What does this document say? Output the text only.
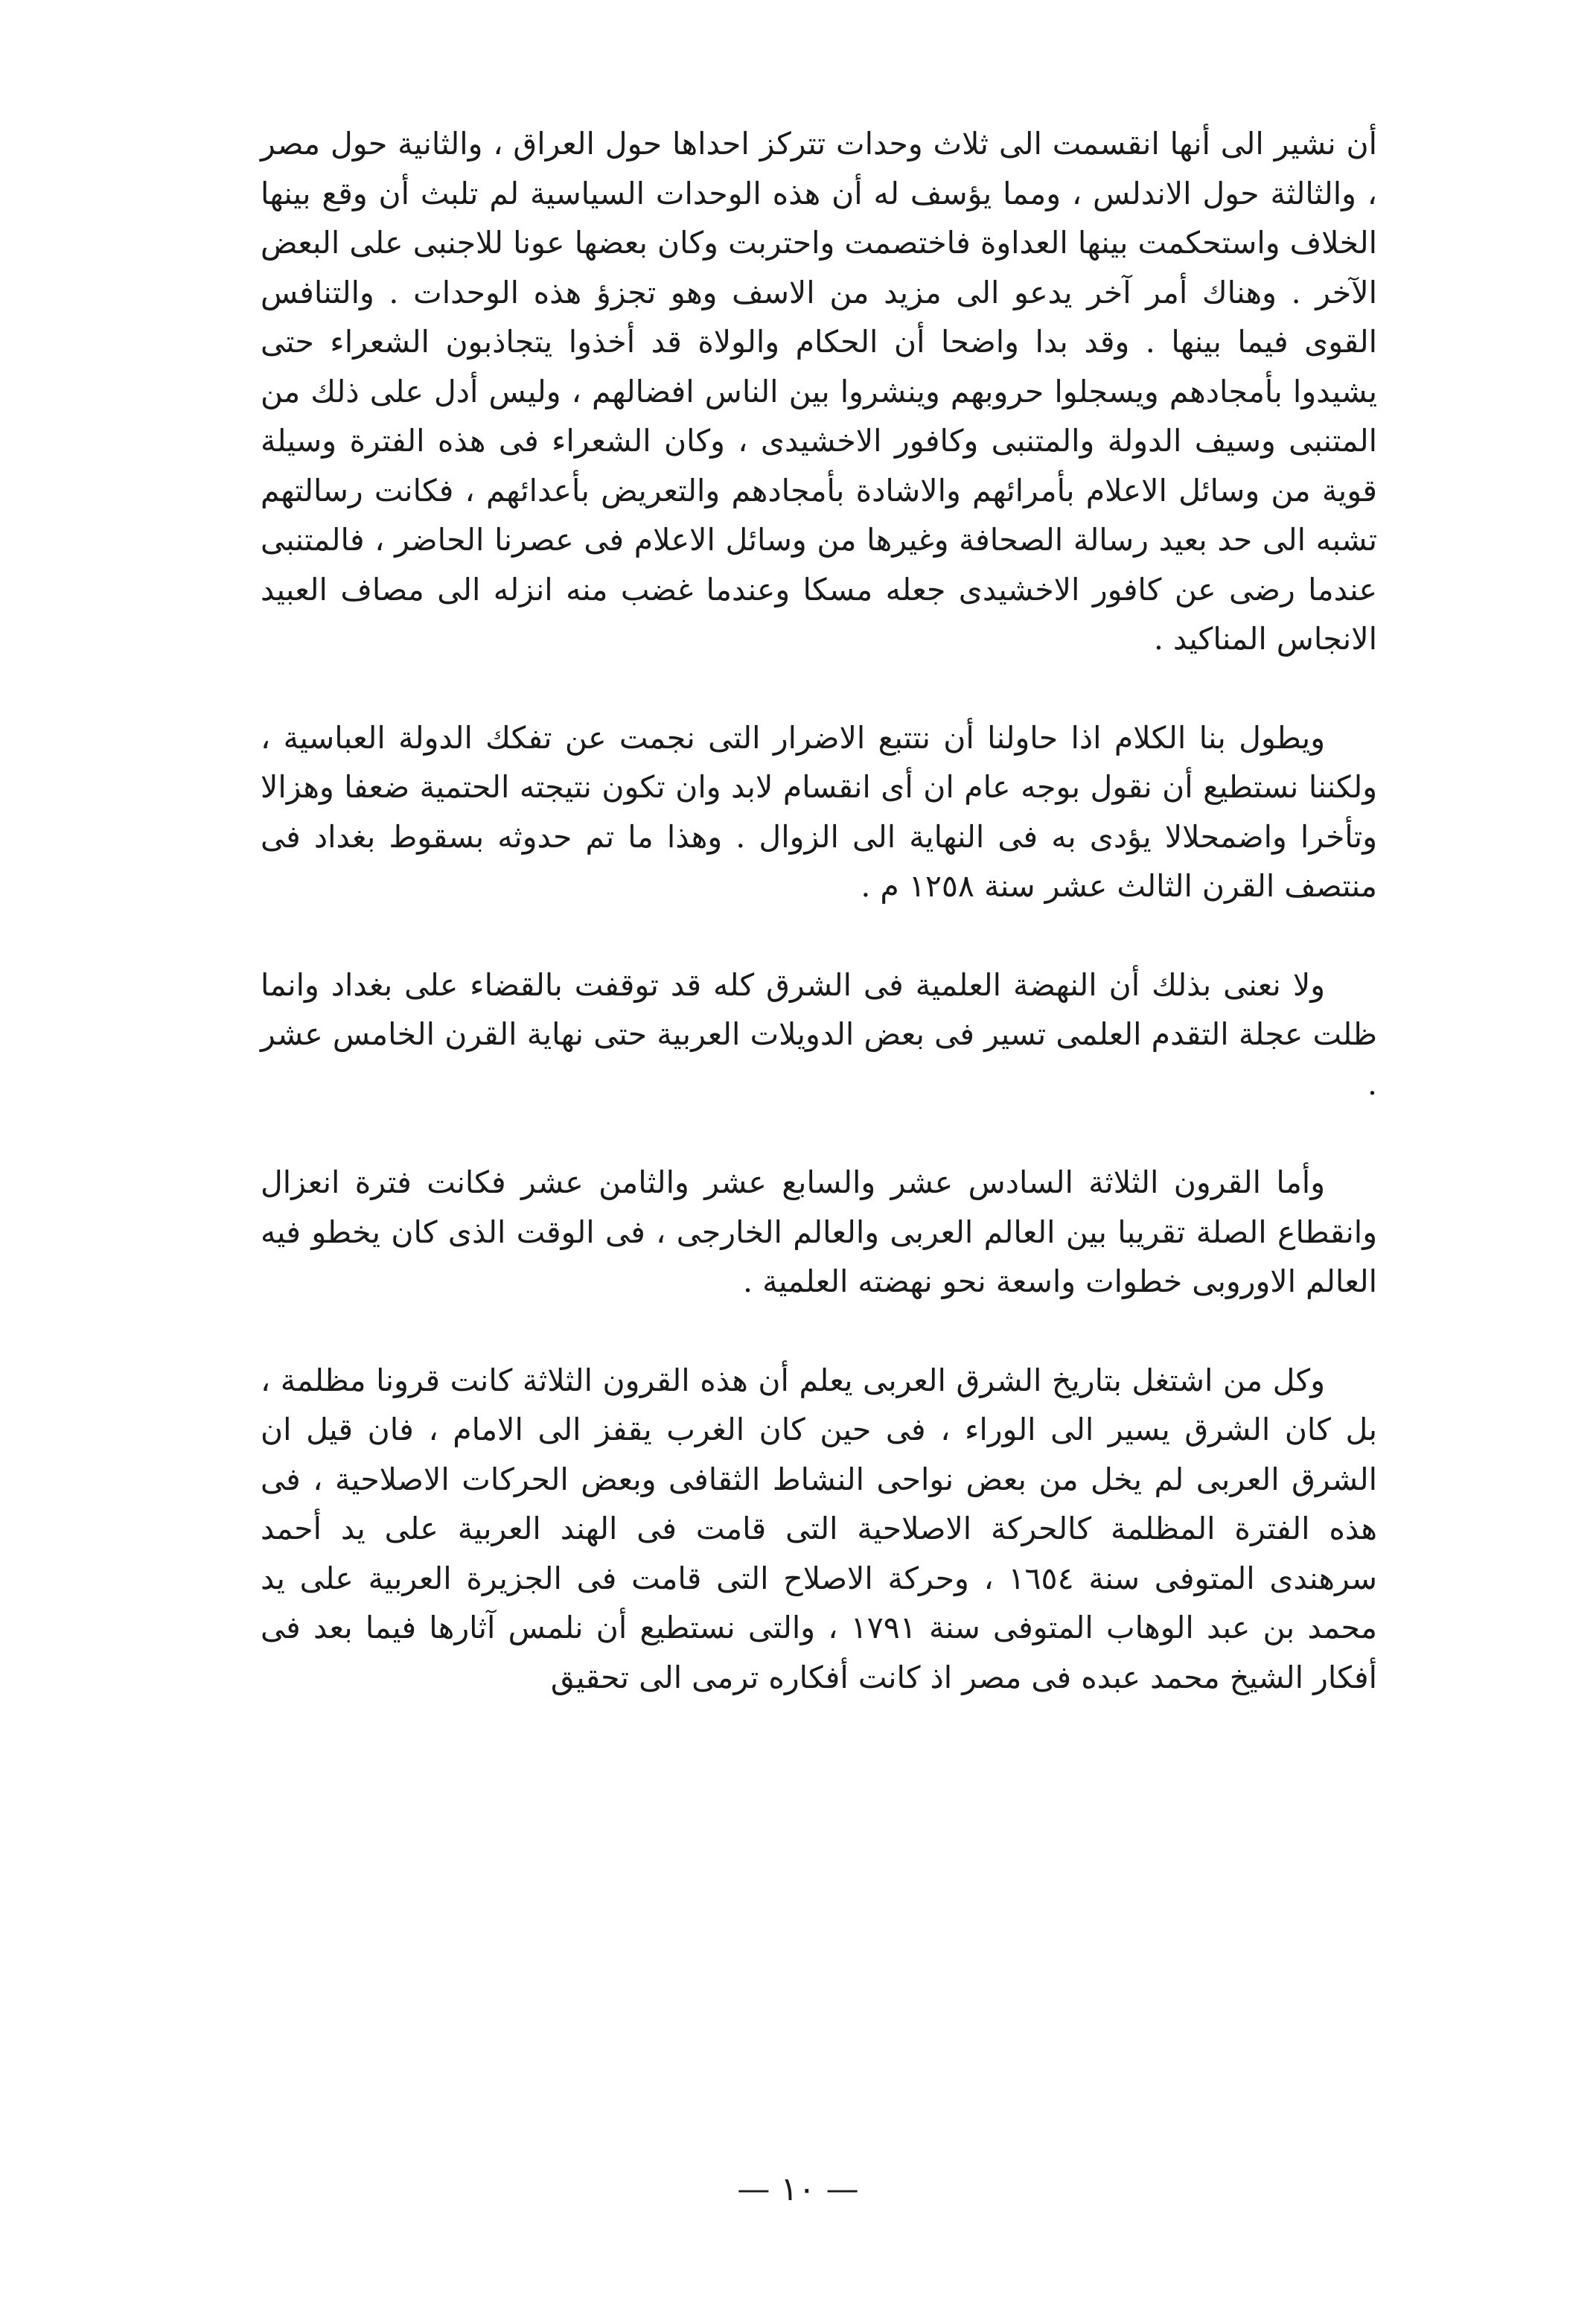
أن نشير الى أنها انقسمت الى ثلاث وحدات تتركز احداها حول العراق ، والثانية حول مصر ، والثالثة حول الاندلس ، ومما يؤسف له أن هذه الوحدات السياسية لم تلبث أن وقع بينها الخلاف واستحكمت بينها العداوة فاختصمت واحتربت وكان بعضها عونا للاجنبى على البعض الآخر . وهناك أمر آخر يدعو الى مزيد من الاسف وهو تجزؤ هذه الوحدات . والتنافس القوى فيما بينها . وقد بدا واضحا أن الحكام والولاة قد أخذوا يتجاذبون الشعراء حتى يشيدوا بأمجادهم ويسجلوا حروبهم وينشروا بين الناس افضالهم ، وليس أدل على ذلك من المتنبى وسيف الدولة والمتنبى وكافور الاخشيدى ، وكان الشعراء فى هذه الفترة وسيلة قوية من وسائل الاعلام بأمرائهم والاشادة بأمجادهم والتعريض بأعدائهم ، فكانت رسالتهم تشبه الى حد بعيد رسالة الصحافة وغيرها من وسائل الاعلام فى عصرنا الحاضر ، فالمتنبى عندما رضى عن كافور الاخشيدى جعله مسكا وعندما غضب منه انزله الى مصاف العبيد الانجاس المناكيد .

ويطول بنا الكلام اذا حاولنا أن نتتبع الاضرار التى نجمت عن تفكك الدولة العباسية ، ولكننا نستطيع أن نقول بوجه عام ان أى انقسام لابد وان تكون نتيجته الحتمية ضعفا وهزالا وتأخرا واضمحلالا يؤدى به فى النهاية الى الزوال . وهذا ما تم حدوثه بسقوط بغداد فى منتصف القرن الثالث عشر سنة ١٢٥٨ م .

ولا نعنى بذلك أن النهضة العلمية فى الشرق كله قد توقفت بالقضاء على بغداد وانما ظلت عجلة التقدم العلمى تسير فى بعض الدويلات العربية حتى نهاية القرن الخامس عشر .

وأما القرون الثلاثة السادس عشر والسابع عشر والثامن عشر فكانت فترة انعزال وانقطاع الصلة تقريبا بين العالم العربى والعالم الخارجى ، فى الوقت الذى كان يخطو فيه العالم الاوروبى خطوات واسعة نحو نهضته العلمية .

وكل من اشتغل بتاريخ الشرق العربى يعلم أن هذه القرون الثلاثة كانت قرونا مظلمة ، بل كان الشرق يسير الى الوراء ، فى حين كان الغرب يقفز الى الامام ، فان قيل ان الشرق العربى لم يخل من بعض نواحى النشاط الثقافى وبعض الحركات الاصلاحية ، فى هذه الفترة المظلمة كالحركة الاصلاحية التى قامت فى الهند العربية على يد أحمد سرهندى المتوفى سنة ١٦٥٤ ، وحركة الاصلاح التى قامت فى الجزيرة العربية على يد محمد بن عبد الوهاب المتوفى سنة ١٧٩١ ، والتى نستطيع أن نلمس آثارها فيما بعد فى أفكار الشيخ محمد عبده فى مصر اذ كانت أفكاره ترمى الى تحقيق

— ١٠ —
